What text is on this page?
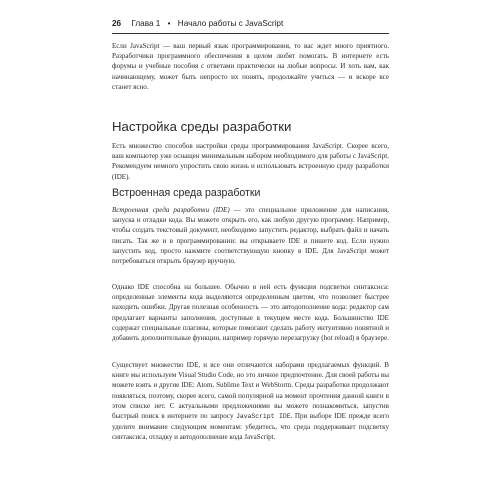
26 Глава 1 • Начало работы с JavaScript

Если JavaScript — ваш первый язык программирования, то вас ждет много приятного. Разработчики программного обеспечения в целом любят помогать. В интернете есть форумы и учебные пособия с ответами практически на любые вопросы. И хоть вам, как начинающему, может быть непросто их понять, продолжайте учиться — и вскоре все станет ясно.

Настройка среды разработки

Есть множество способов настройки среды программирования JavaScript. Скорее всего, ваш компьютер уже оснащен минимальным набором необходимого для работы с JavaScript. Рекомендуем немного упростить свою жизнь и использовать встроенную среду разработки (IDE).

Встроенная среда разработки

Встроенная среда разработки (IDE) — это специальное приложение для написания, запуска и отладки кода. Вы можете открыть его, как любую другую программу. Например, чтобы создать текстовый документ, необходимо запустить редактор, выбрать файл и начать писать. Так же и в программировании: вы открываете IDE и пишете код. Если нужно запустить код, просто нажмите соответствующую кнопку в IDE. Для JavaScript может потребоваться открыть браузер вручную.

Однако IDE способна на большее. Обычно в ней есть функция подсветки синтаксиса: определенные элементы кода выделяются определенным цветом, что позволяет быстрее находить ошибки. Другая полезная особенность — это автодополнение кода: редактор сам предлагает варианты заполнения, доступные в текущем месте кода. Большинство IDE содержат специальные плагины, которые помогают сделать работу интуитивно понятной и добавить дополнительные функции, например горячую перезагрузку (hot reload) в браузере.

Существует множество IDE, и все они отличаются наборами предлагаемых функций. В книге мы используем Visual Studio Code, но это личное предпочтение. Для своей работы вы можете взять и другие IDE: Atom, Sublime Text и WebStorm. Среды разработки продолжают появляться, поэтому, скорее всего, самой популярной на момент прочтения данной книги в этом списке нет. С актуальными предложениями вы можете познакомиться, запустив быстрый поиск в интернете по запросу JavaScript IDE. При выборе IDE прежде всего уделите внимание следующим моментам: убедитесь, что среда поддерживает подсветку синтаксиса, отладку и автодополнение кода JavaScript.
